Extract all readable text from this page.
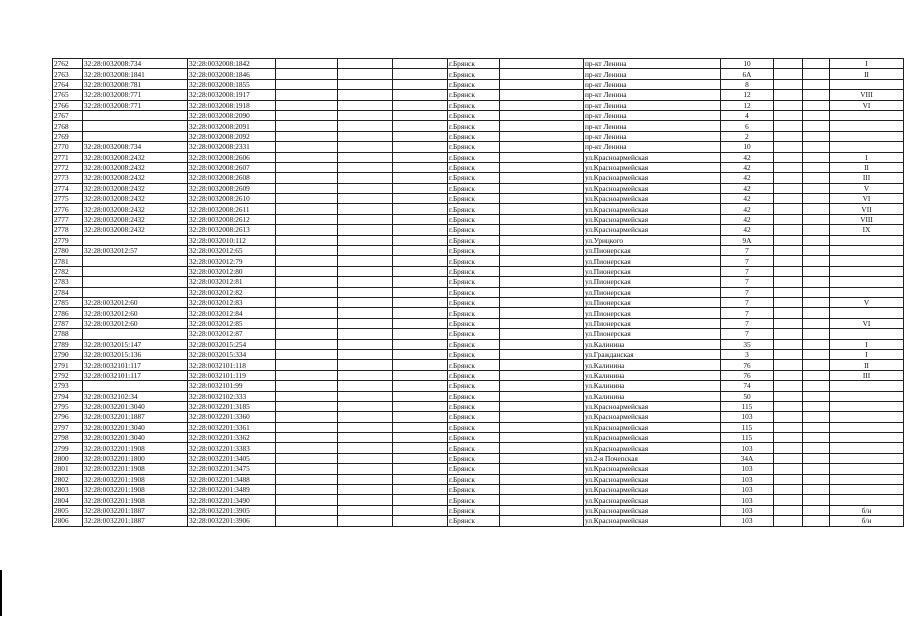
2762	32:28:0032008:734	32:28:0032008:1842				г.Брянск		пр-кт Ленина	10			I
2763	32:28:0032008:1841	32:28:0032008:1846				г.Брянск		пр-кт Ленина	6А			II
2764	32:28:0032008:781	32:28:0032008:1855				г.Брянск		пр-кт Ленина	8			
2765	32:28:0032008:771	32:28:0032008:1917				г.Брянск		пр-кт Ленина	12			VIII
2766	32:28:0032008:771	32:28:0032008:1918				г.Брянск		пр-кт Ленина	12			VI
2767		32:28:0032008:2090				г.Брянск		пр-кт Ленина	4			
2768		32:28:0032008:2091				г.Брянск		пр-кт Ленина	6			
2769		32:28:0032008:2092				г.Брянск		пр-кт Ленина	2			
2770	32:28:0032008:734	32:28:0032008:2331				г.Брянск		пр-кт Ленина	10			
2771	32:28:0032008:2432	32:28:0032008:2606				г.Брянск		ул.Красноармейская	42			I
2772	32:28:0032008:2432	32:28:0032008:2607				г.Брянск		ул.Красноармейская	42			II
2773	32:28:0032008:2432	32:28:0032008:2608				г.Брянск		ул.Красноармейская	42			III
2774	32:28:0032008:2432	32:28:0032008:2609				г.Брянск		ул.Красноармейская	42			V
2775	32:28:0032008:2432	32:28:0032008:2610				г.Брянск		ул.Красноармейская	42			VI
2776	32:28:0032008:2432	32:28:0032008:2611				г.Брянск		ул.Красноармейская	42			VII
2777	32:28:0032008:2432	32:28:0032008:2612				г.Брянск		ул.Красноармейская	42			VIII
2778	32:28:0032008:2432	32:28:0032008:2613				г.Брянск		ул.Красноармейская	42			IX
2779		32:28:0032010:112				г.Брянск		ул.Урицкого	9А			
2780	32:28:0032012:57	32:28:0032012:65				г.Брянск		ул.Пионерская	7			
2781		32:28:0032012:79				г.Брянск		ул.Пионерская	7			
2782		32:28:0032012:80				г.Брянск		ул.Пионерская	7			
2783		32:28:0032012:81				г.Брянск		ул.Пионерская	7			
2784		32:28:0032012:82				г.Брянск		ул.Пионерская	7			
2785	32:28:0032012:60	32:28:0032012:83				г.Брянск		ул.Пионерская	7			V
2786	32:28:0032012:60	32:28:0032012:84				г.Брянск		ул.Пионерская	7			
2787	32:28:0032012:60	32:28:0032012:85				г.Брянск		ул.Пионерская	7			VI
2788		32:28:0032012:87				г.Брянск		ул.Пионерская	7			
2789	32:28:0032015:147	32:28:0032015:254				г.Брянск		ул.Калинина	35			I
2790	32:28:0032015:136	32:28:0032015:334				г.Брянск		ул.Гражданская	3			I
2791	32:28:0032101:117	32:28:0032101:118				г.Брянск		ул.Калинина	76			II
2792	32:28:0032101:117	32:28:0032101:119				г.Брянск		ул.Калинина	76			III
2793		32:28:0032101:99				г.Брянск		ул.Калинина	74			
2794	32:28:0032102:34	32:28:0032102:333				г.Брянск		ул.Калинина	50			
2795	32:28:0032201:3040	32:28:0032201:3185				г.Брянск		ул.Красноармейская	115			
2796	32:28:0032201:1887	32:28:0032201:3360				г.Брянск		ул.Красноармейская	103			
2797	32:28:0032201:3040	32:28:0032201:3361				г.Брянск		ул.Красноармейская	115			
2798	32:28:0032201:3040	32:28:0032201:3362				г.Брянск		ул.Красноармейская	115			
2799	32:28:0032201:1908	32:28:0032201:3383				г.Брянск		ул.Красноармейская	103			
2800	32:28:0032201:1800	32:28:0032201:3405				г.Брянск		ул.2-я Почепская	34А			
2801	32:28:0032201:1908	32:28:0032201:3475				г.Брянск		ул.Красноармейская	103			
2802	32:28:0032201:1908	32:28:0032201:3488				г.Брянск		ул.Красноармейская	103			
2803	32:28:0032201:1908	32:28:0032201:3489				г.Брянск		ул.Красноармейская	103			
2804	32:28:0032201:1908	32:28:0032201:3490				г.Брянск		ул.Красноармейская	103			
2805	32:28:0032201:1887	32:28:0032201:3905				г.Брянск		ул.Красноармейская	103			б/н
2806	32:28:0032201:1887	32:28:0032201:3906				г.Брянск		ул.Красноармейская	103			б/н
